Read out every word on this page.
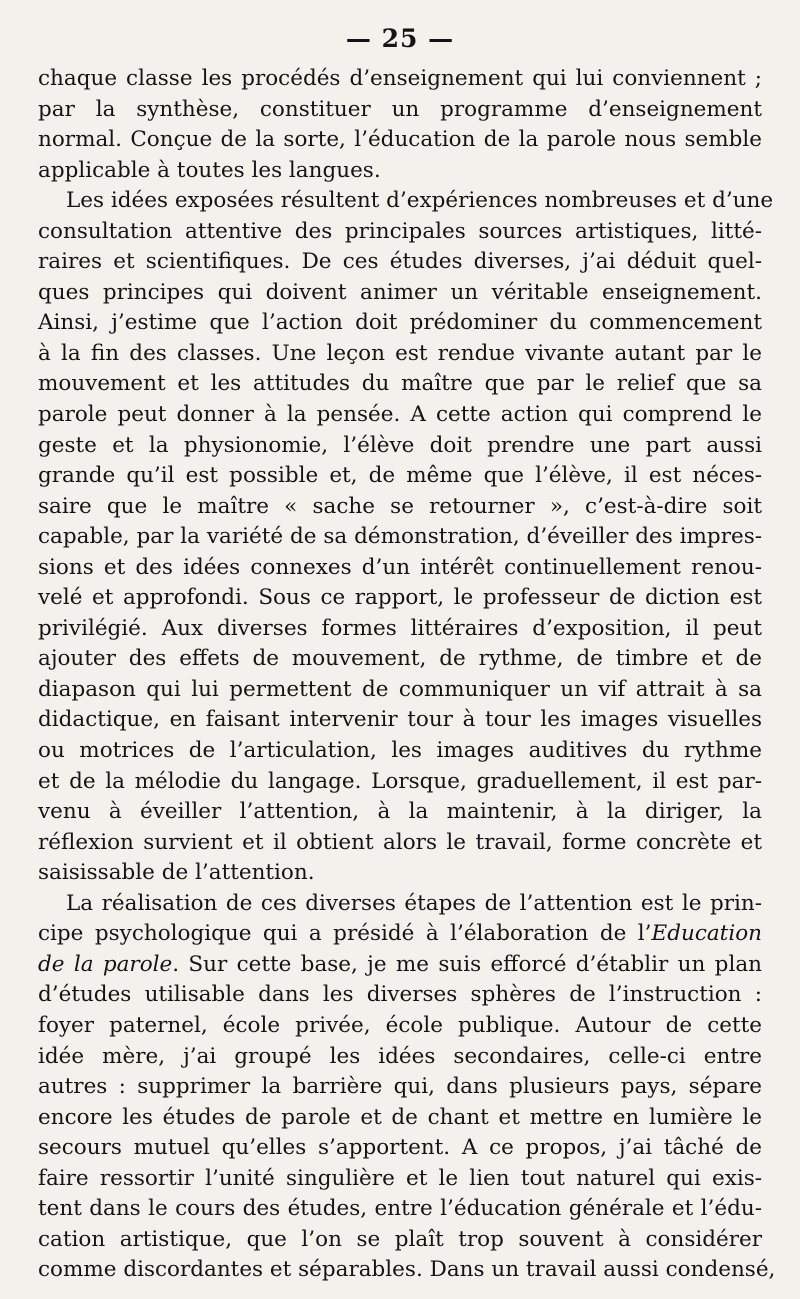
— 25 —
chaque classe les procédés d’enseignement qui lui conviennent ;
par la synthèse, constituer un programme d’enseignement
normal. Conçue de la sorte, l’éducation de la parole nous semble
applicable à toutes les langues.
Les idées exposées résultent d’expériences nombreuses et d’une
consultation attentive des principales sources artistiques, litté-
raires et scientifiques. De ces études diverses, j’ai déduit quel-
ques principes qui doivent animer un véritable enseignement.
Ainsi, j’estime que l’action doit prédominer du commencement
à la fin des classes. Une leçon est rendue vivante autant par le
mouvement et les attitudes du maître que par le relief que sa
parole peut donner à la pensée. A cette action qui comprend le
geste et la physionomie, l’élève doit prendre une part aussi
grande qu’il est possible et, de même que l’élève, il est néces-
saire que le maître « sache se retourner », c’est-à-dire soit
capable, par la variété de sa démonstration, d’éveiller des impres-
sions et des idées connexes d’un intérêt continuellement renou-
velé et approfondi. Sous ce rapport, le professeur de diction est
privilégié. Aux diverses formes littéraires d’exposition, il peut
ajouter des effets de mouvement, de rythme, de timbre et de
diapason qui lui permettent de communiquer un vif attrait à sa
didactique, en faisant intervenir tour à tour les images visuelles
ou motrices de l’articulation, les images auditives du rythme
et de la mélodie du langage. Lorsque, graduellement, il est par-
venu à éveiller l’attention, à la maintenir, à la diriger, la
réflexion survient et il obtient alors le travail, forme concrète et
saisissable de l’attention.
La réalisation de ces diverses étapes de l’attention est le prin-
cipe psychologique qui a présidé à l’élaboration de l’Education
de la parole. Sur cette base, je me suis efforcé d’établir un plan
d’études utilisable dans les diverses sphères de l’instruction :
foyer paternel, école privée, école publique. Autour de cette
idée mère, j’ai groupé les idées secondaires, celle-ci entre
autres : supprimer la barrière qui, dans plusieurs pays, sépare
encore les études de parole et de chant et mettre en lumière le
secours mutuel qu’elles s’apportent. A ce propos, j’ai tâché de
faire ressortir l’unité singulière et le lien tout naturel qui exis-
tent dans le cours des études, entre l’éducation générale et l’édu-
cation artistique, que l’on se plaît trop souvent à considérer
comme discordantes et séparables. Dans un travail aussi condensé,
